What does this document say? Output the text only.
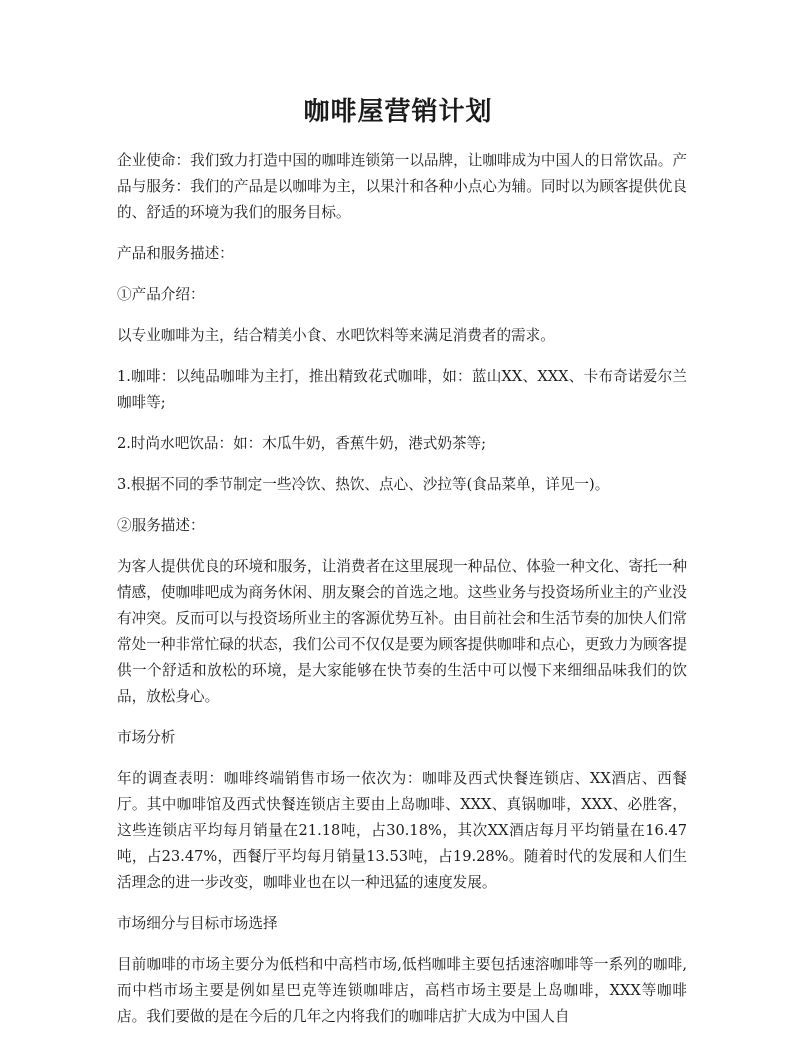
咖啡屋营销计划

企业使命：我们致力打造中国的咖啡连锁第一以品牌，让咖啡成为中国人的日常饮品。产品与服务：我们的产品是以咖啡为主，以果汁和各种小点心为辅。同时以为顾客提供优良的、舒适的环境为我们的服务目标。

产品和服务描述：

①产品介绍：

以专业咖啡为主，结合精美小食、水吧饮料等来满足消费者的需求。

1.咖啡：以纯品咖啡为主打，推出精致花式咖啡，如：蓝山XX、XXX、卡布奇诺爱尔兰咖啡等;

2.时尚水吧饮品：如：木瓜牛奶，香蕉牛奶，港式奶茶等;

3.根据不同的季节制定一些冷饮、热饮、点心、沙拉等(食品菜单，详见一)。

②服务描述：

为客人提供优良的环境和服务，让消费者在这里展现一种品位、体验一种文化、寄托一种情感，使咖啡吧成为商务休闲、朋友聚会的首选之地。这些业务与投资场所业主的产业没有冲突。反而可以与投资场所业主的客源优势互补。由目前社会和生活节奏的加快人们常常处一种非常忙碌的状态，我们公司不仅仅是要为顾客提供咖啡和点心，更致力为顾客提供一个舒适和放松的环境，是大家能够在快节奏的生活中可以慢下来细细品味我们的饮品，放松身心。

市场分析

年的调查表明：咖啡终端销售市场一依次为：咖啡及西式快餐连锁店、XX酒店、西餐厅。其中咖啡馆及西式快餐连锁店主要由上岛咖啡、XXX、真锅咖啡，XXX、必胜客，这些连锁店平均每月销量在21.18吨，占30.18%，其次XX酒店每月平均销量在16.47吨，占23.47%，西餐厅平均每月销量13.53吨，占19.28%。随着时代的发展和人们生活理念的进一步改变，咖啡业也在以一种迅猛的速度发展。

市场细分与目标市场选择

目前咖啡的市场主要分为低档和中高档市场,低档咖啡主要包括速溶咖啡等一系列的咖啡,而中档市场主要是例如星巴克等连锁咖啡店，高档市场主要是上岛咖啡，XXX等咖啡店。我们要做的是在今后的几年之内将我们的咖啡店扩大成为中国人自
